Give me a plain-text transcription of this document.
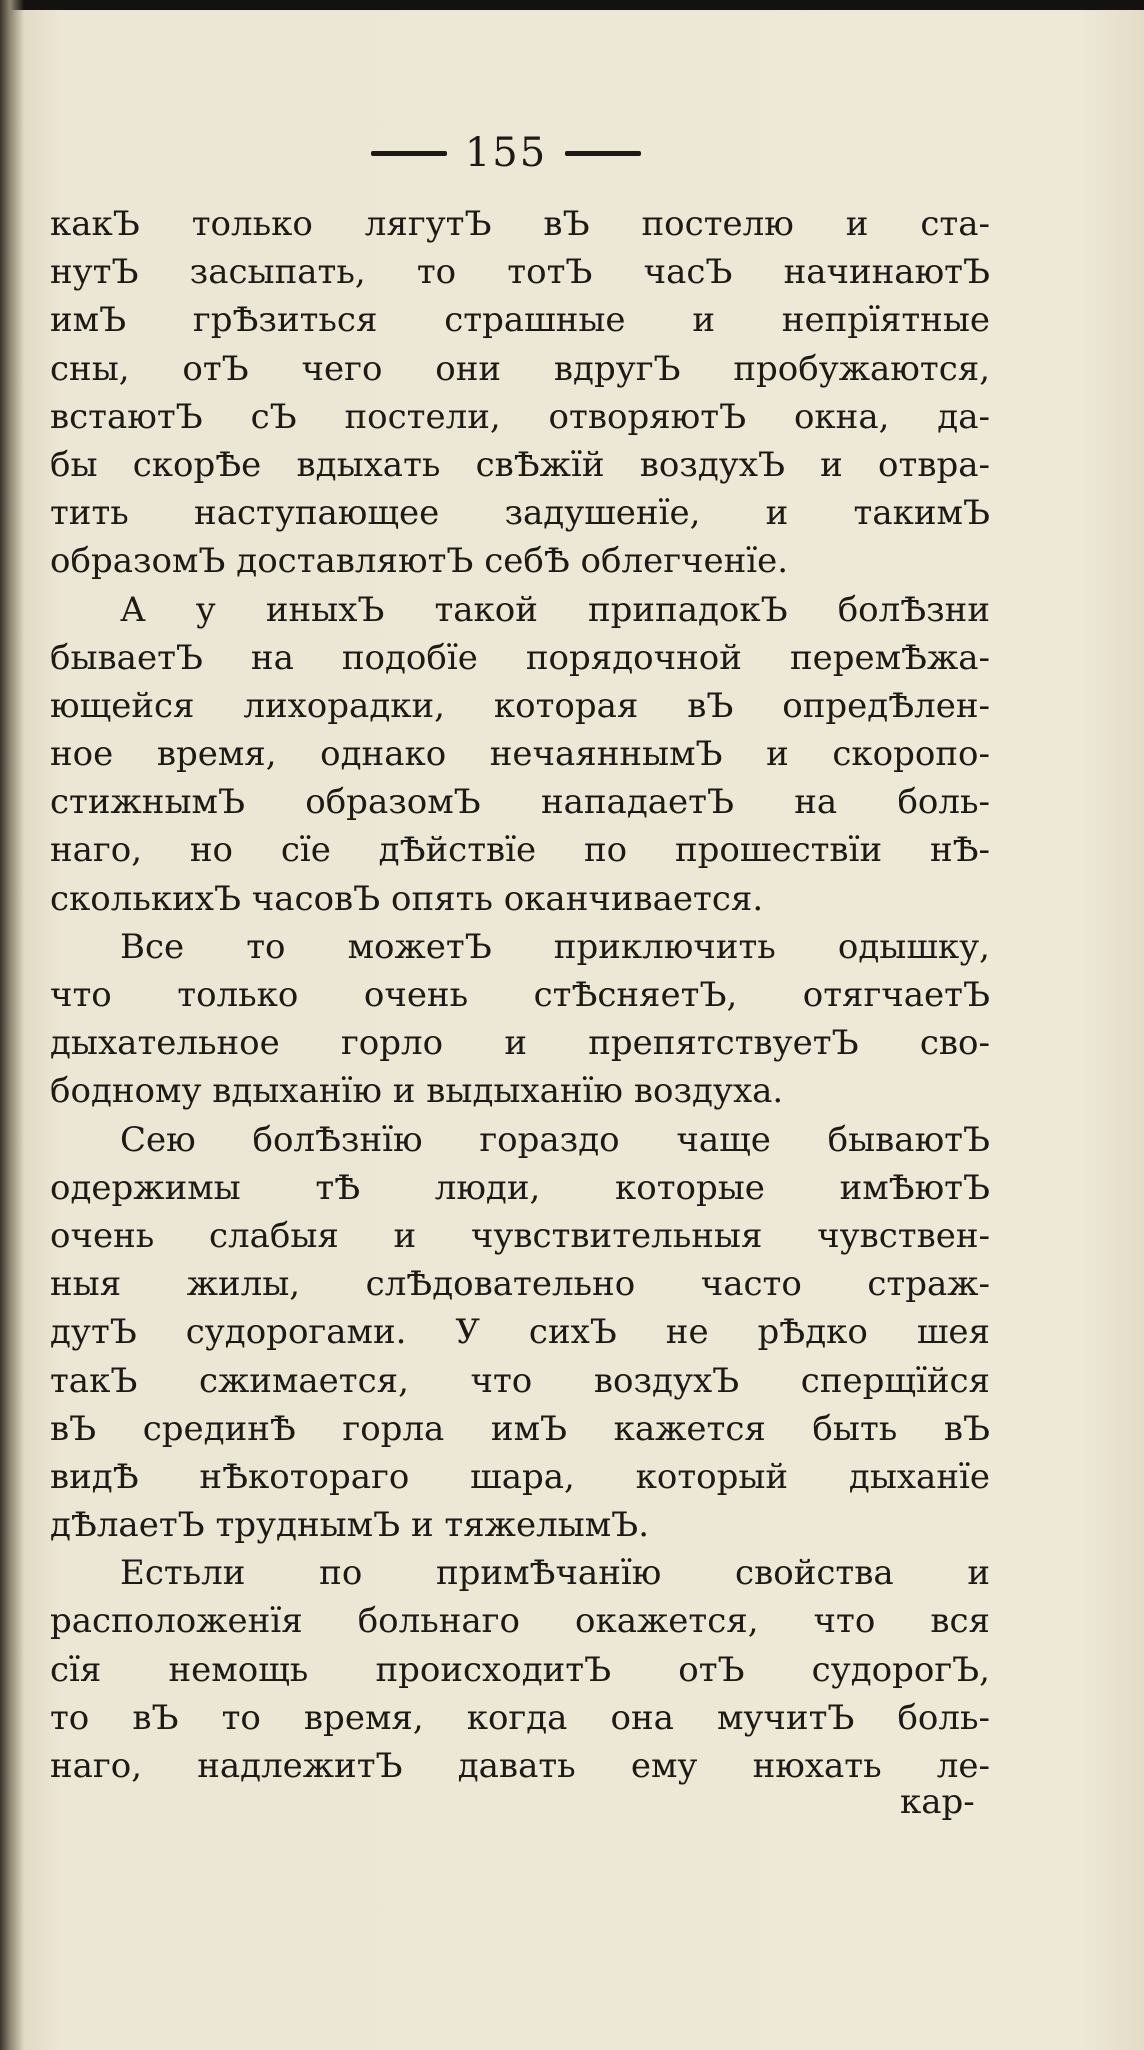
155
какЪ только лягутЪ вЪ постелю и ста-
нутЪ засыпать, то тотЪ часЪ начинаютЪ
имЪ грѢзиться страшные и непрїятные
сны, отЪ чего они вдругЪ пробужаются,
встаютЪ сЪ постели, отворяютЪ окна, да-
бы скорѢе вдыхать свѢжїй воздухЪ и отвра-
тить наступающее задушенїе, и такимЪ
образомЪ доставляютЪ себѢ облегченїе.
А у иныхЪ такой припадокЪ болѢзни
бываетЪ на подобїе порядочной перемѢжа-
ющейся лихорадки, которая вЪ опредѢлен-
ное время, однако нечаяннымЪ и скоропо-
стижнымЪ образомЪ нападаетЪ на боль-
наго, но сїе дѢйствїе по прошествїи нѢ-
сколькихЪ часовЪ опять оканчивается.
Все то можетЪ приключить одышку,
что только очень стѢсняетЪ, отягчаетЪ
дыхательное горло и препятствуетЪ сво-
бодному вдыханїю и выдыханїю воздуха.
Сею болѢзнїю гораздо чаще бываютЪ
одержимы тѢ люди, которые имѢютЪ
очень слабыя и чувствительныя чувствен-
ныя жилы, слѢдовательно часто страж-
дутЪ судорогами. У сихЪ не рѢдко шея
такЪ сжимается, что воздухЪ сперщїйся
вЪ срединѢ горла имЪ кажется быть вЪ
видѢ нѢкотораго шара, который дыханїе
дѢлаетЪ труднымЪ и тяжелымЪ.
Естьли по примѢчанїю свойства и
расположенїя больнаго окажется, что вся
сїя немощь происходитЪ отЪ судорогЪ,
то вЪ то время, когда она мучитЪ боль-
наго, надлежитЪ давать ему нюхать ле-
кар-
